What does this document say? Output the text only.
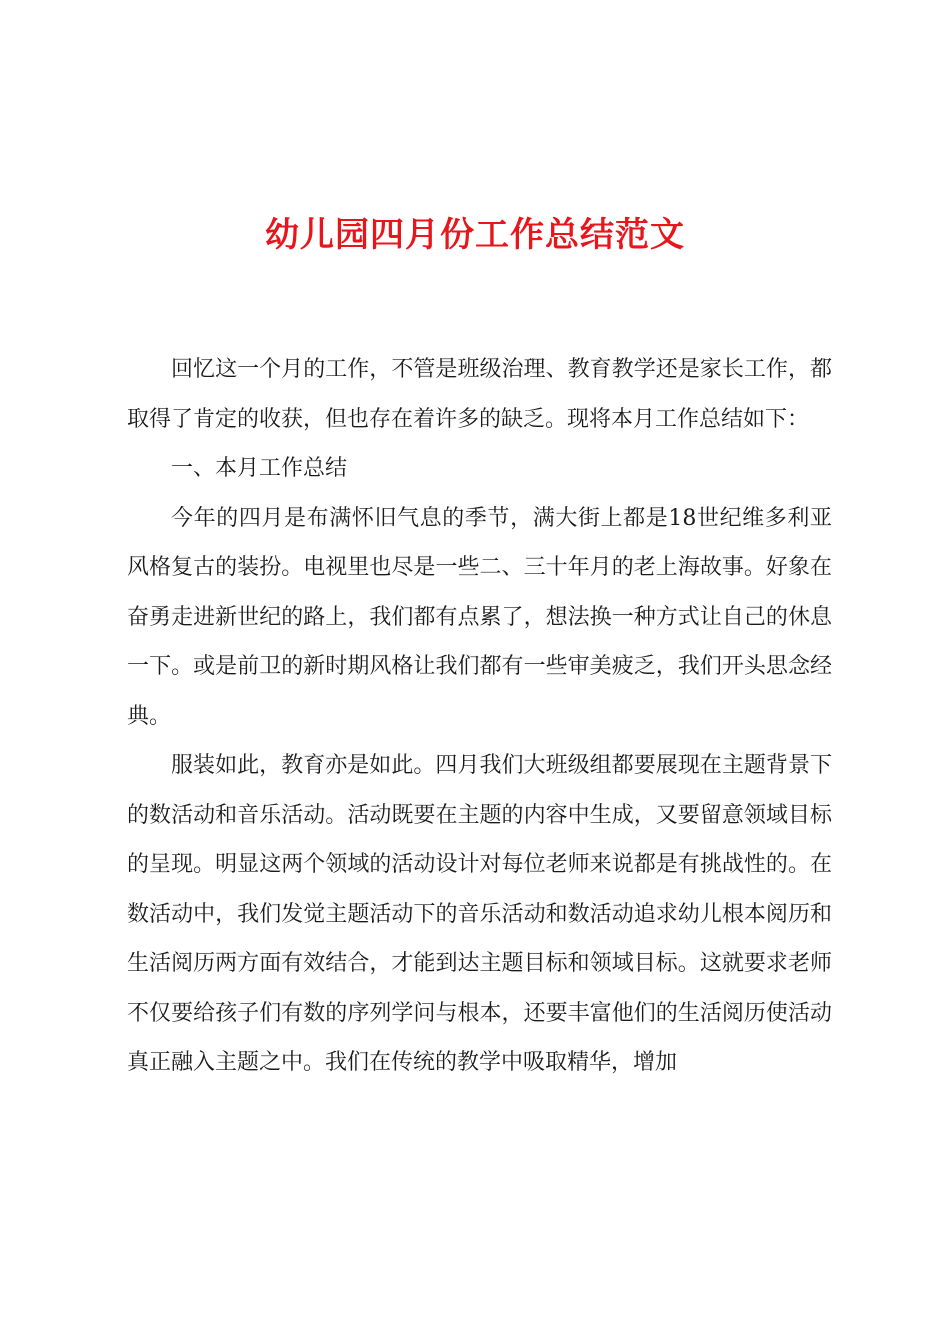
幼儿园四月份工作总结范文

回忆这一个月的工作，不管是班级治理、教育教学还是家长工作，都取得了肯定的收获，但也存在着许多的缺乏。现将本月工作总结如下：

一、本月工作总结

今年的四月是布满怀旧气息的季节，满大街上都是18世纪维多利亚风格复古的装扮。电视里也尽是一些二、三十年月的老上海故事。好象在奋勇走进新世纪的路上，我们都有点累了，想法换一种方式让自己的休息一下。或是前卫的新时期风格让我们都有一些审美疲乏，我们开头思念经典。

服装如此，教育亦是如此。四月我们大班级组都要展现在主题背景下的数活动和音乐活动。活动既要在主题的内容中生成，又要留意领域目标的呈现。明显这两个领域的活动设计对每位老师来说都是有挑战性的。在数活动中，我们发觉主题活动下的音乐活动和数活动追求幼儿根本阅历和生活阅历两方面有效结合，才能到达主题目标和领域目标。这就要求老师不仅要给孩子们有数的序列学问与根本，还要丰富他们的生活阅历使活动真正融入主题之中。我们在传统的教学中吸取精华，增加
